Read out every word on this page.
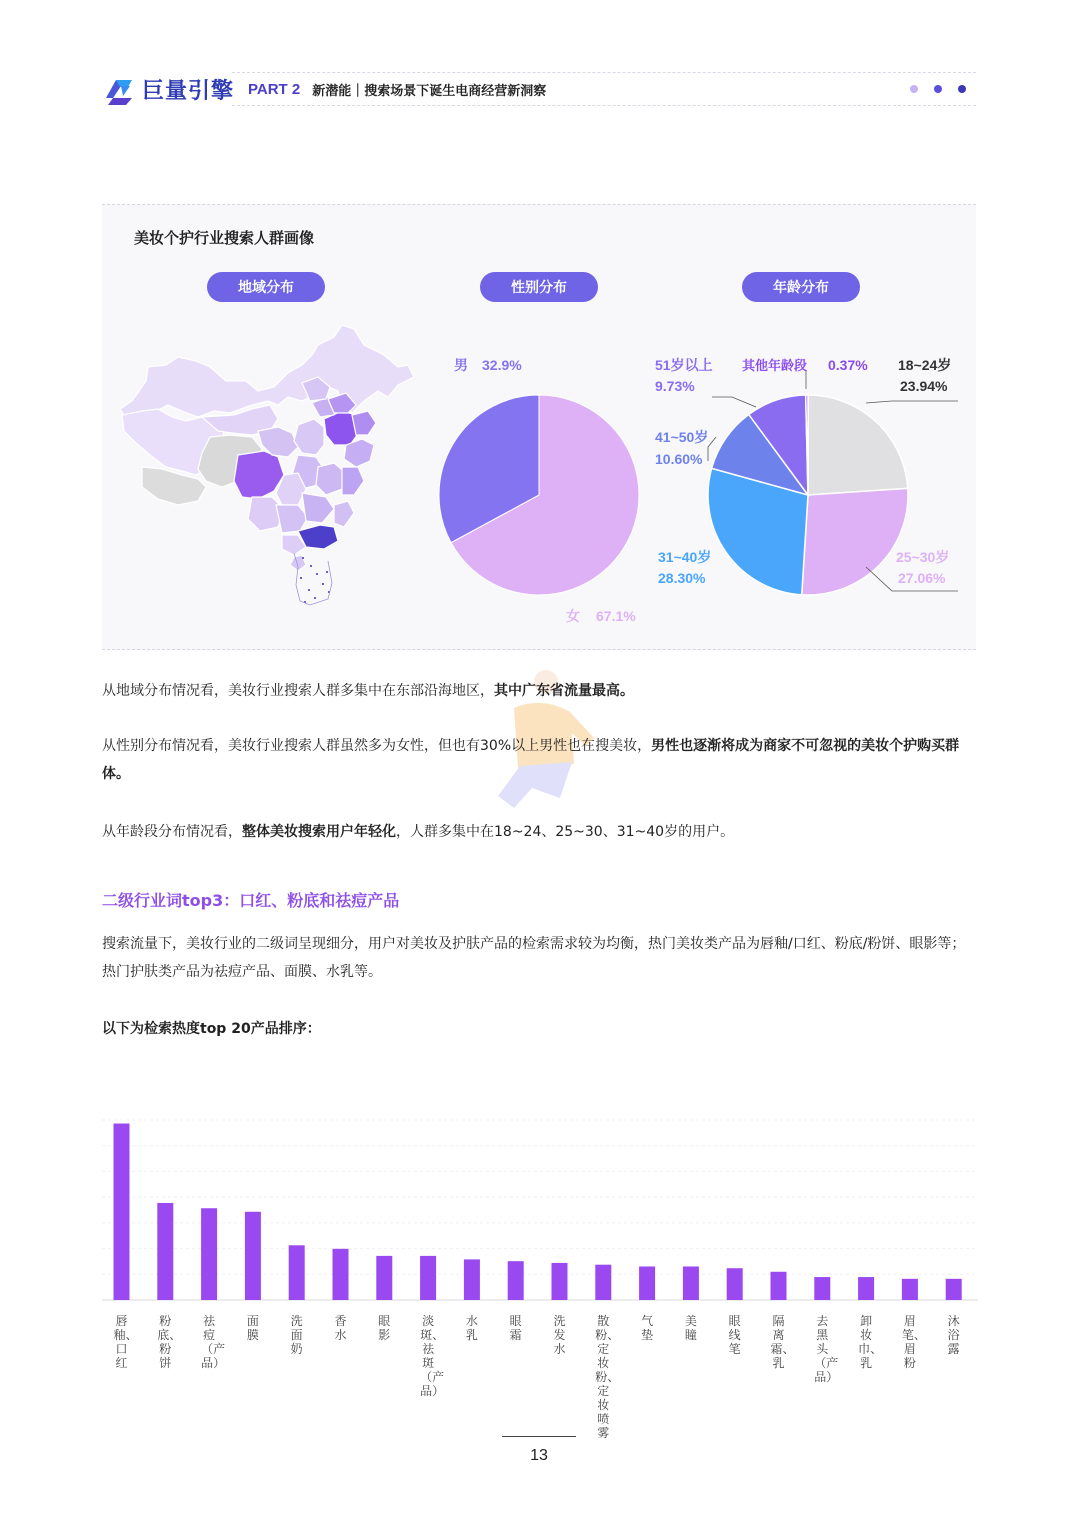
巨量引擎 PART 2 新潜能｜搜索场景下诞生电商经营新洞察
美妆个护行业搜索人群画像
地域分布	性别分布	年龄分布
男 32.9%
女 67.1%
18~24岁
23.94%
25~30岁
27.06%
31~40岁
28.30%
41~50岁
10.60%
51岁以上
9.73%
其他年龄段 0.37%
从地域分布情况看，美妆行业搜索人群多集中在东部沿海地区，其中广东省流量最高。
从性别分布情况看，美妆行业搜索人群虽然多为女性，但也有30%以上男性也在搜美妆，男性也逐渐将成为商家不可忽视的美妆个护购买群体。
从年龄段分布情况看，整体美妆搜索用户年轻化，人群多集中在18~24、25~30、31~40岁的用户。
二级行业词top3：口红、粉底和祛痘产品
搜索流量下，美妆行业的二级词呈现细分，用户对美妆及护肤产品的检索需求较为均衡，热门美妆类产品为唇釉/口红、粉底/粉饼、眼影等；热门护肤类产品为祛痘产品、面膜、水乳等。
以下为检索热度top 20产品排序：
唇釉、口红
粉底、粉饼
祛痘（产品）
面膜
洗面奶
香水
眼影
淡斑、祛斑（产品）
水乳
眼霜
洗发水
散粉、定妆粉、定妆喷雾
气垫
美瞳
眼线笔
隔离霜、乳
去黑头（产品）
卸妆巾、乳
眉笔、眉粉
沐浴露
13
